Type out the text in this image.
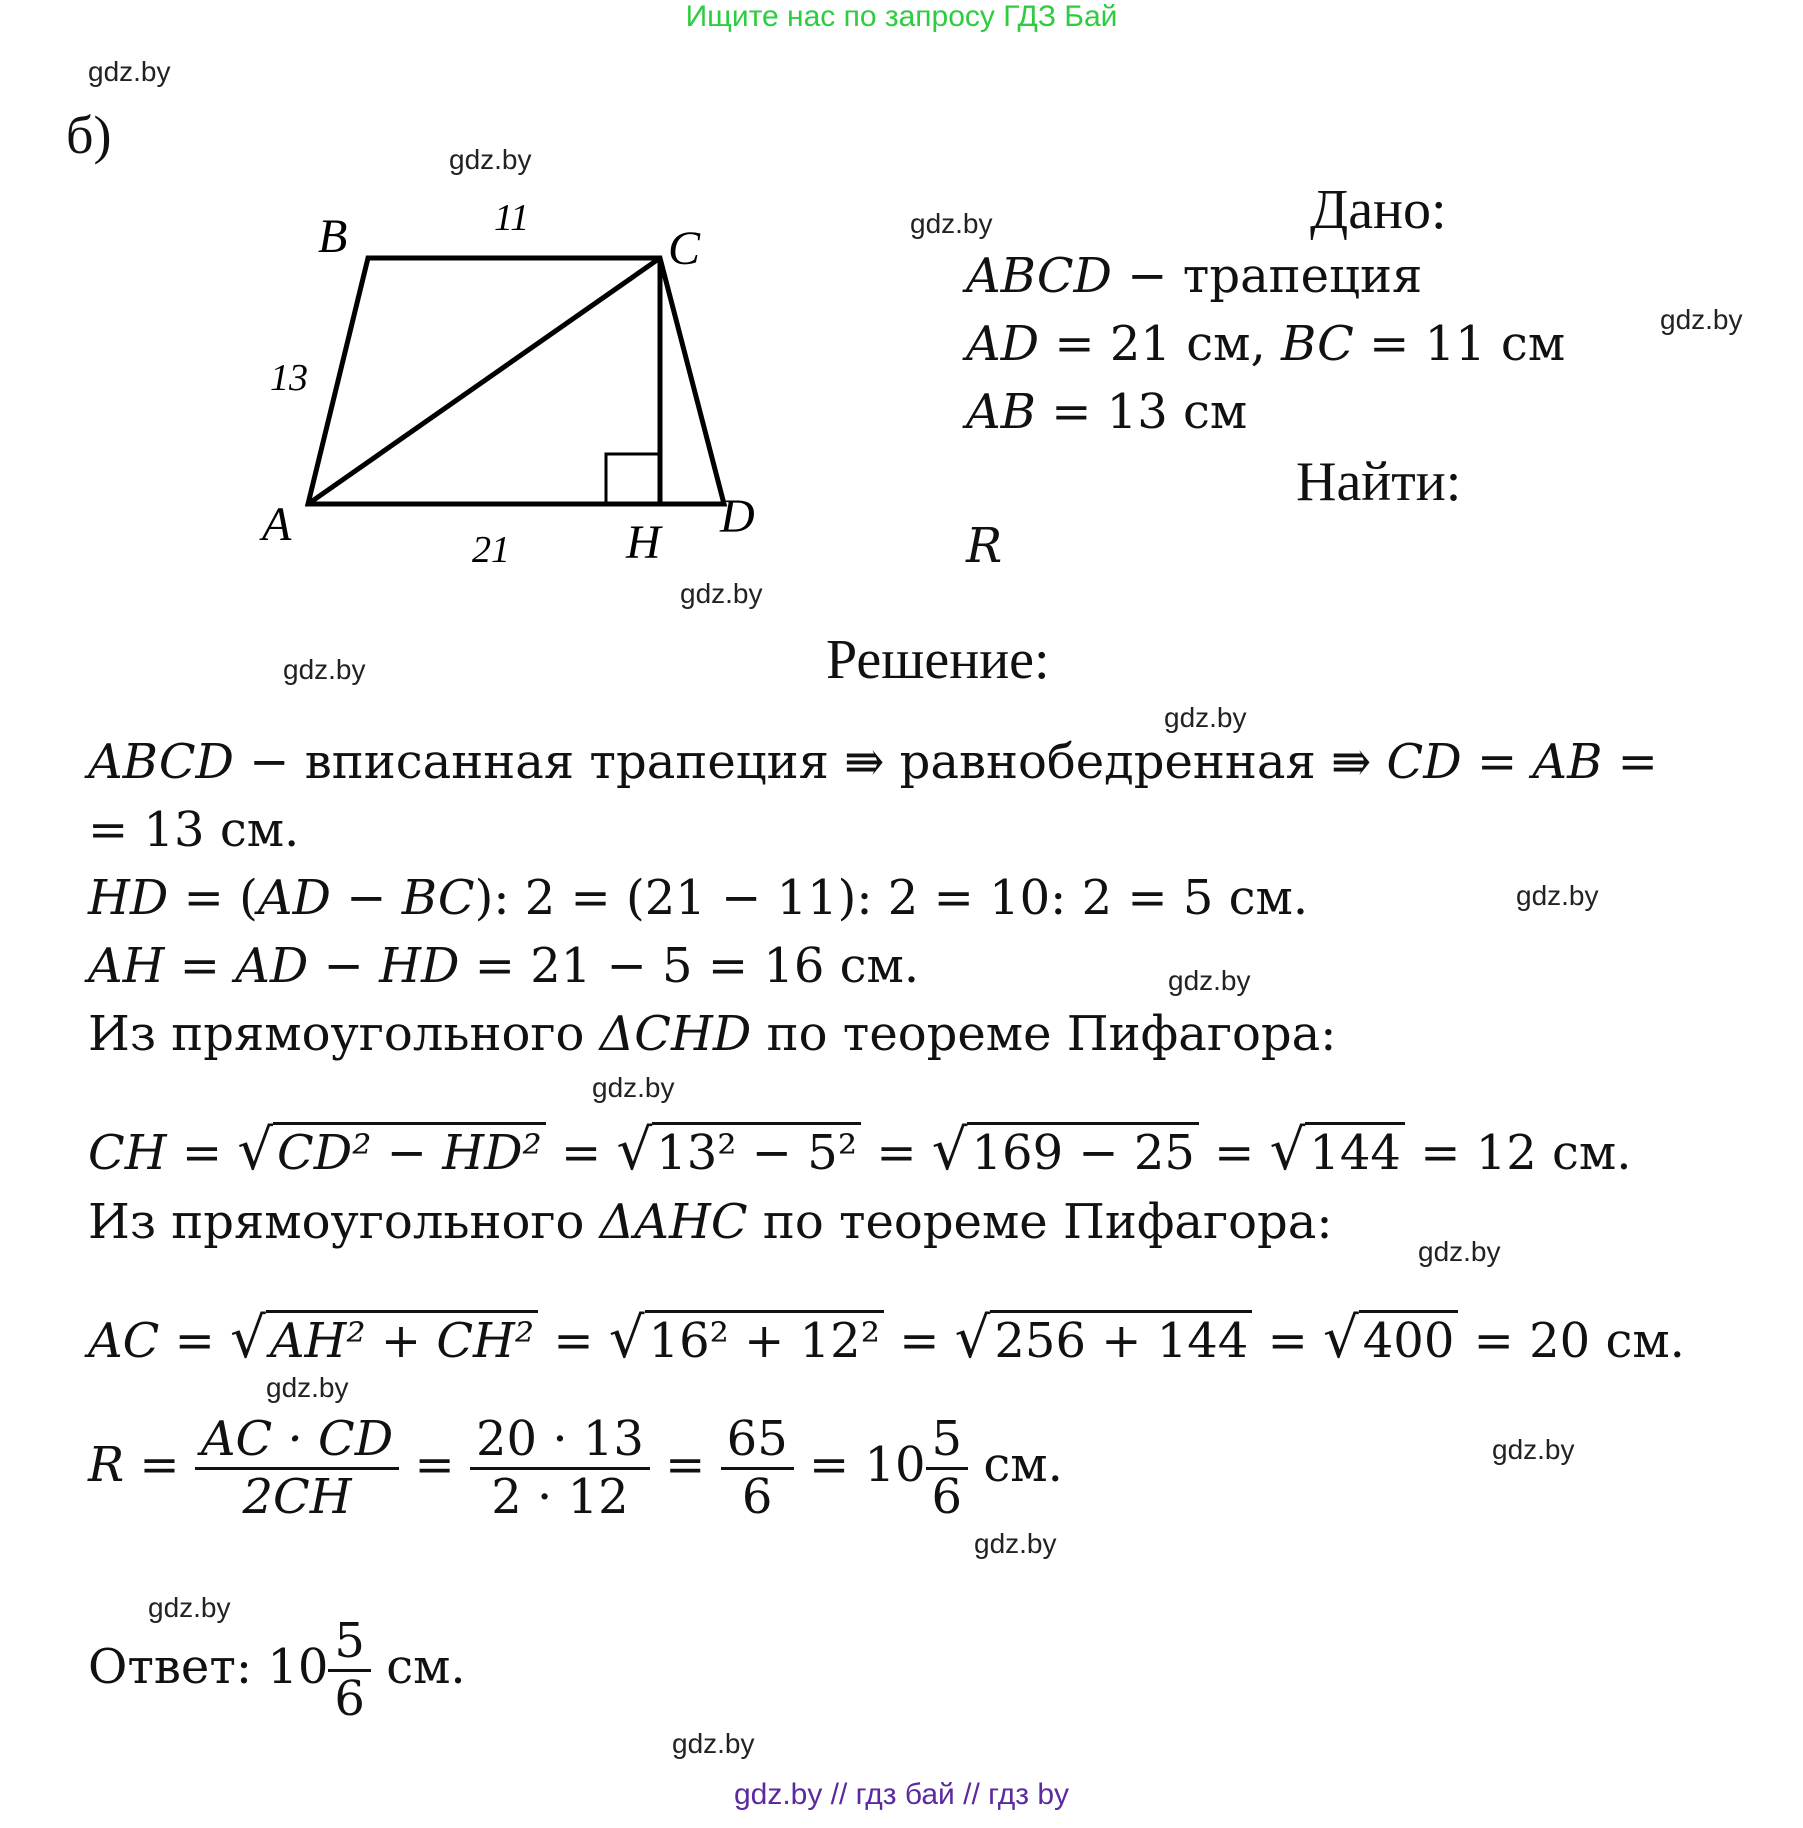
Ищите нас по запросу ГДЗ Бай
gdz.by
gdz.by
gdz.by
gdz.by
gdz.by
gdz.by
gdz.by
gdz.by
gdz.by
gdz.by
gdz.by
gdz.by
gdz.by
gdz.by
gdz.by
gdz.by
б)
B	C
A	D
H
11
13
21
Дано:
ABCD − трапеция
AD = 21 см, BC = 11 см
AB = 13 см
Найти:
R
Решение:
ABCD − вписанная трапеция ⇛ равнобедренная ⇛ CD = AB =
= 13 см.
HD = (AD − BC): 2 = (21 − 11): 2 = 10: 2 = 5 см.
AH = AD − HD = 21 − 5 = 16 см.
Из прямоугольного ΔCHD по теореме Пифагора:
CH = √CD² − HD² = √13² − 5² = √169 − 25 = √144 = 12 см.
Из прямоугольного ΔAHC по теореме Пифагора:
AC = √AH² + CH² = √16² + 12² = √256 + 144 = √400 = 20 см.
$R = \frac{AC \cdot CD}{2CH} = \frac{20 \cdot 13}{2 \cdot 12} = \frac{65}{6} = 10 \frac{5}{6}$ см.
Ответ: $10 \frac{5}{6}$ см.
gdz.by // гдз бай // гдз by
